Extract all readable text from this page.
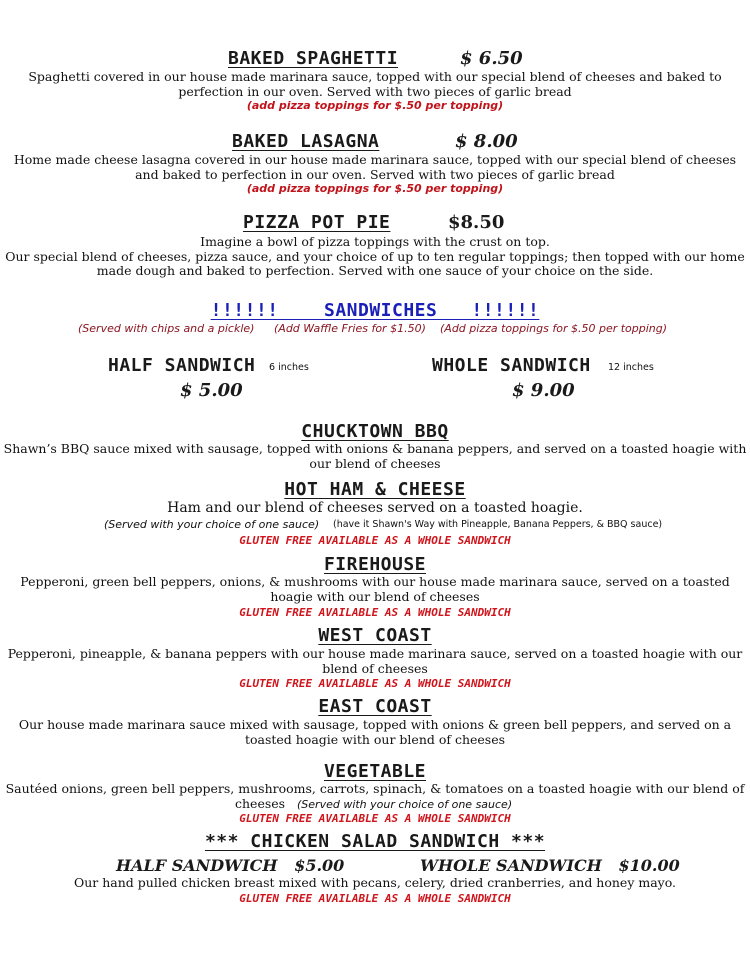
BAKED SPAGHETTI	$ 6.50
Spaghetti covered in our house made marinara sauce, topped with our special blend of cheeses and baked to
perfection in our oven. Served with two pieces of garlic bread
(add pizza toppings for $.50 per topping)
BAKED LASAGNA	$ 8.00
Home made cheese lasagna covered in our house made marinara sauce, topped with our special blend of cheeses
and baked to perfection in our oven. Served with two pieces of garlic bread
(add pizza toppings for $.50 per topping)
PIZZA POT PIE	$8.50
Imagine a bowl of pizza toppings with the crust on top.
Our special blend of cheeses, pizza sauce, and your choice of up to ten regular toppings; then topped with our home
made dough and baked to perfection. Served with one sauce of your choice on the side.
!!!!!!    SANDWICHES   !!!!!!
(Served with chips and a pickle) (Add Waffle Fries for $1.50) (Add pizza toppings for $.50 per topping)
HALF SANDWICH 6 inches
$ 5.00
WHOLE SANDWICH 12 inches
$ 9.00
CHUCKTOWN BBQ
Shawn’s BBQ sauce mixed with sausage, topped with onions & banana peppers, and served on a toasted hoagie with
our blend of cheeses
HOT HAM & CHEESE
Ham and our blend of cheeses served on a toasted hoagie.
(Served with your choice of one sauce) (have it Shawn's Way with Pineapple, Banana Peppers, & BBQ sauce)
GLUTEN FREE AVAILABLE AS A WHOLE SANDWICH
FIREHOUSE
Pepperoni, green bell peppers, onions, & mushrooms with our house made marinara sauce, served on a toasted
hoagie with our blend of cheeses
GLUTEN FREE AVAILABLE AS A WHOLE SANDWICH
WEST COAST
Pepperoni, pineapple, & banana peppers with our house made marinara sauce, served on a toasted hoagie with our
blend of cheeses
GLUTEN FREE AVAILABLE AS A WHOLE SANDWICH
EAST COAST
Our house made marinara sauce mixed with sausage, topped with onions & green bell peppers, and served on a
toasted hoagie with our blend of cheeses
VEGETABLE
Sautéed onions, green bell peppers, mushrooms, carrots, spinach, & tomatoes on a toasted hoagie with our blend of
cheeses (Served with your choice of one sauce)
GLUTEN FREE AVAILABLE AS A WHOLE SANDWICH
*** CHICKEN SALAD SANDWICH ***
HALF SANDWICH   $5.00	WHOLE SANDWICH   $10.00
Our hand pulled chicken breast mixed with pecans, celery, dried cranberries, and honey mayo.
GLUTEN FREE AVAILABLE AS A WHOLE SANDWICH
